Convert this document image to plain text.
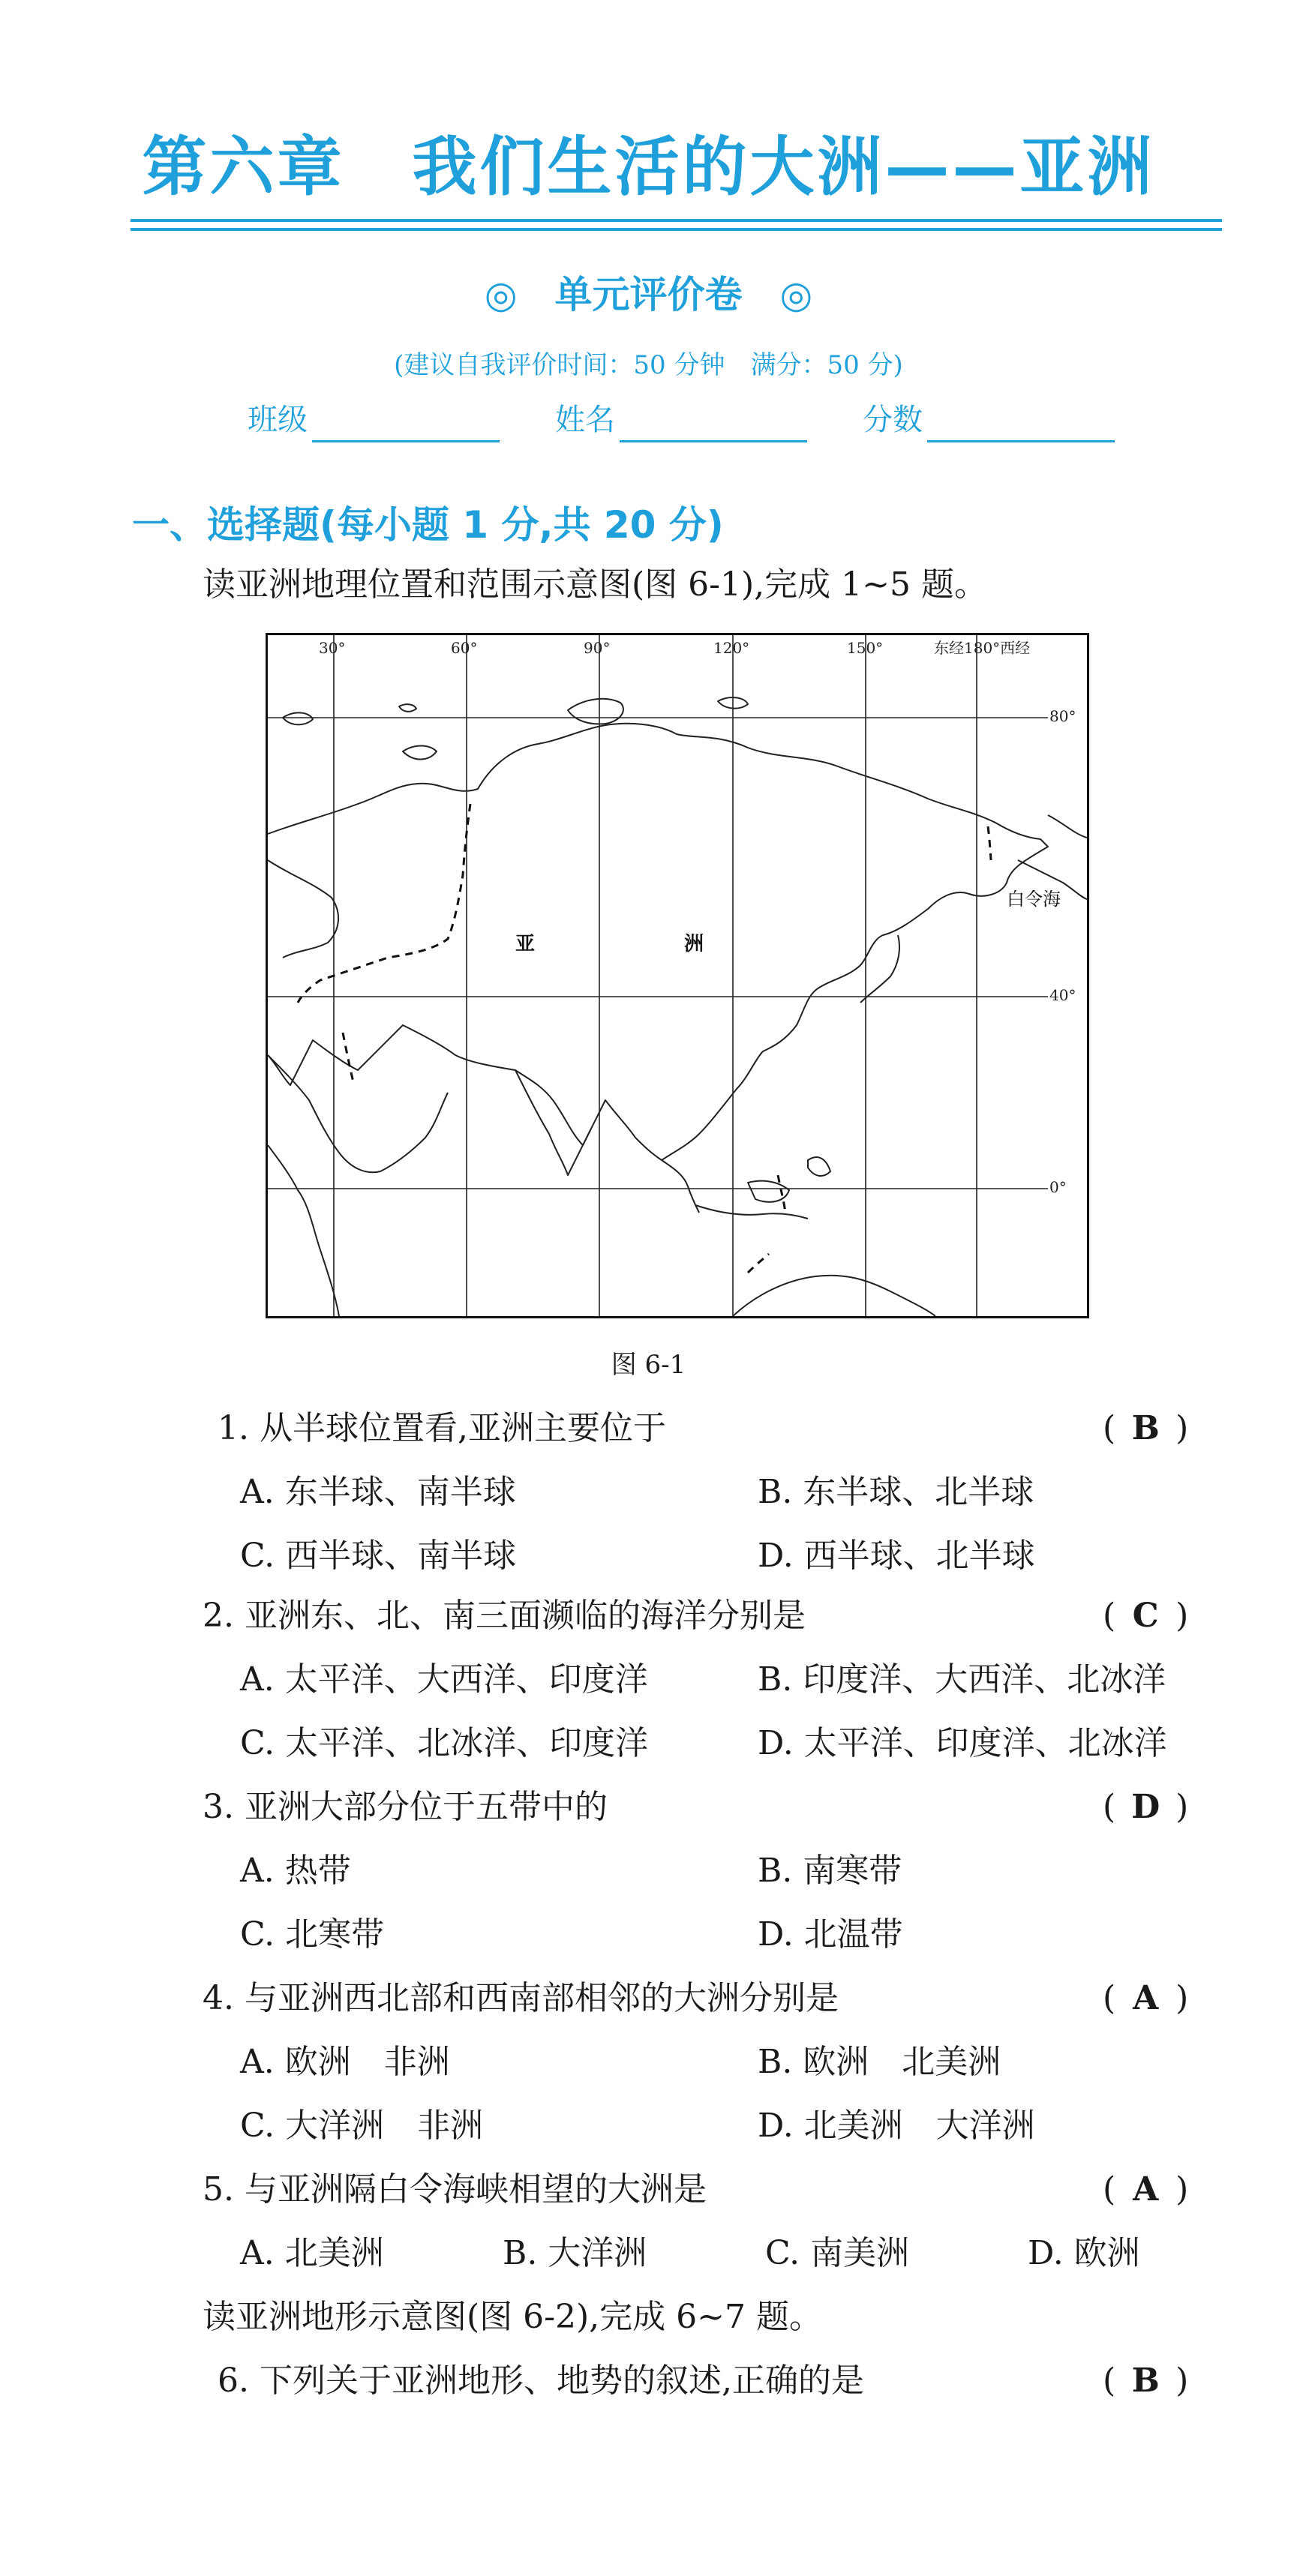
第六章　我们生活的大洲——亚洲
◎　单元评价卷　◎
(建议自我评价时间：50 分钟　满分：50 分)
班级	姓名	分数
一、选择题(每小题 1 分,共 20 分)
读亚洲地理位置和范围示意图(图 6-1),完成 1~5 题。
30°	60°	90°	120°	150°	东经180°西经
80°
40°
0°
亚	洲
白令海
图 6-1
1. 从半球位置看,亚洲主要位于	( B )
A. 东半球、南半球	B. 东半球、北半球
C. 西半球、南半球	D. 西半球、北半球
2. 亚洲东、北、南三面濒临的海洋分别是	( C )
A. 太平洋、大西洋、印度洋	B. 印度洋、大西洋、北冰洋
C. 太平洋、北冰洋、印度洋	D. 太平洋、印度洋、北冰洋
3. 亚洲大部分位于五带中的	( D )
A. 热带	B. 南寒带
C. 北寒带	D. 北温带
4. 与亚洲西北部和西南部相邻的大洲分别是	( A )
A. 欧洲　非洲	B. 欧洲　北美洲
C. 大洋洲　非洲	D. 北美洲　大洋洲
5. 与亚洲隔白令海峡相望的大洲是	( A )
A. 北美洲	B. 大洋洲	C. 南美洲	D. 欧洲
读亚洲地形示意图(图 6-2),完成 6~7 题。
6. 下列关于亚洲地形、地势的叙述,正确的是	( B )
